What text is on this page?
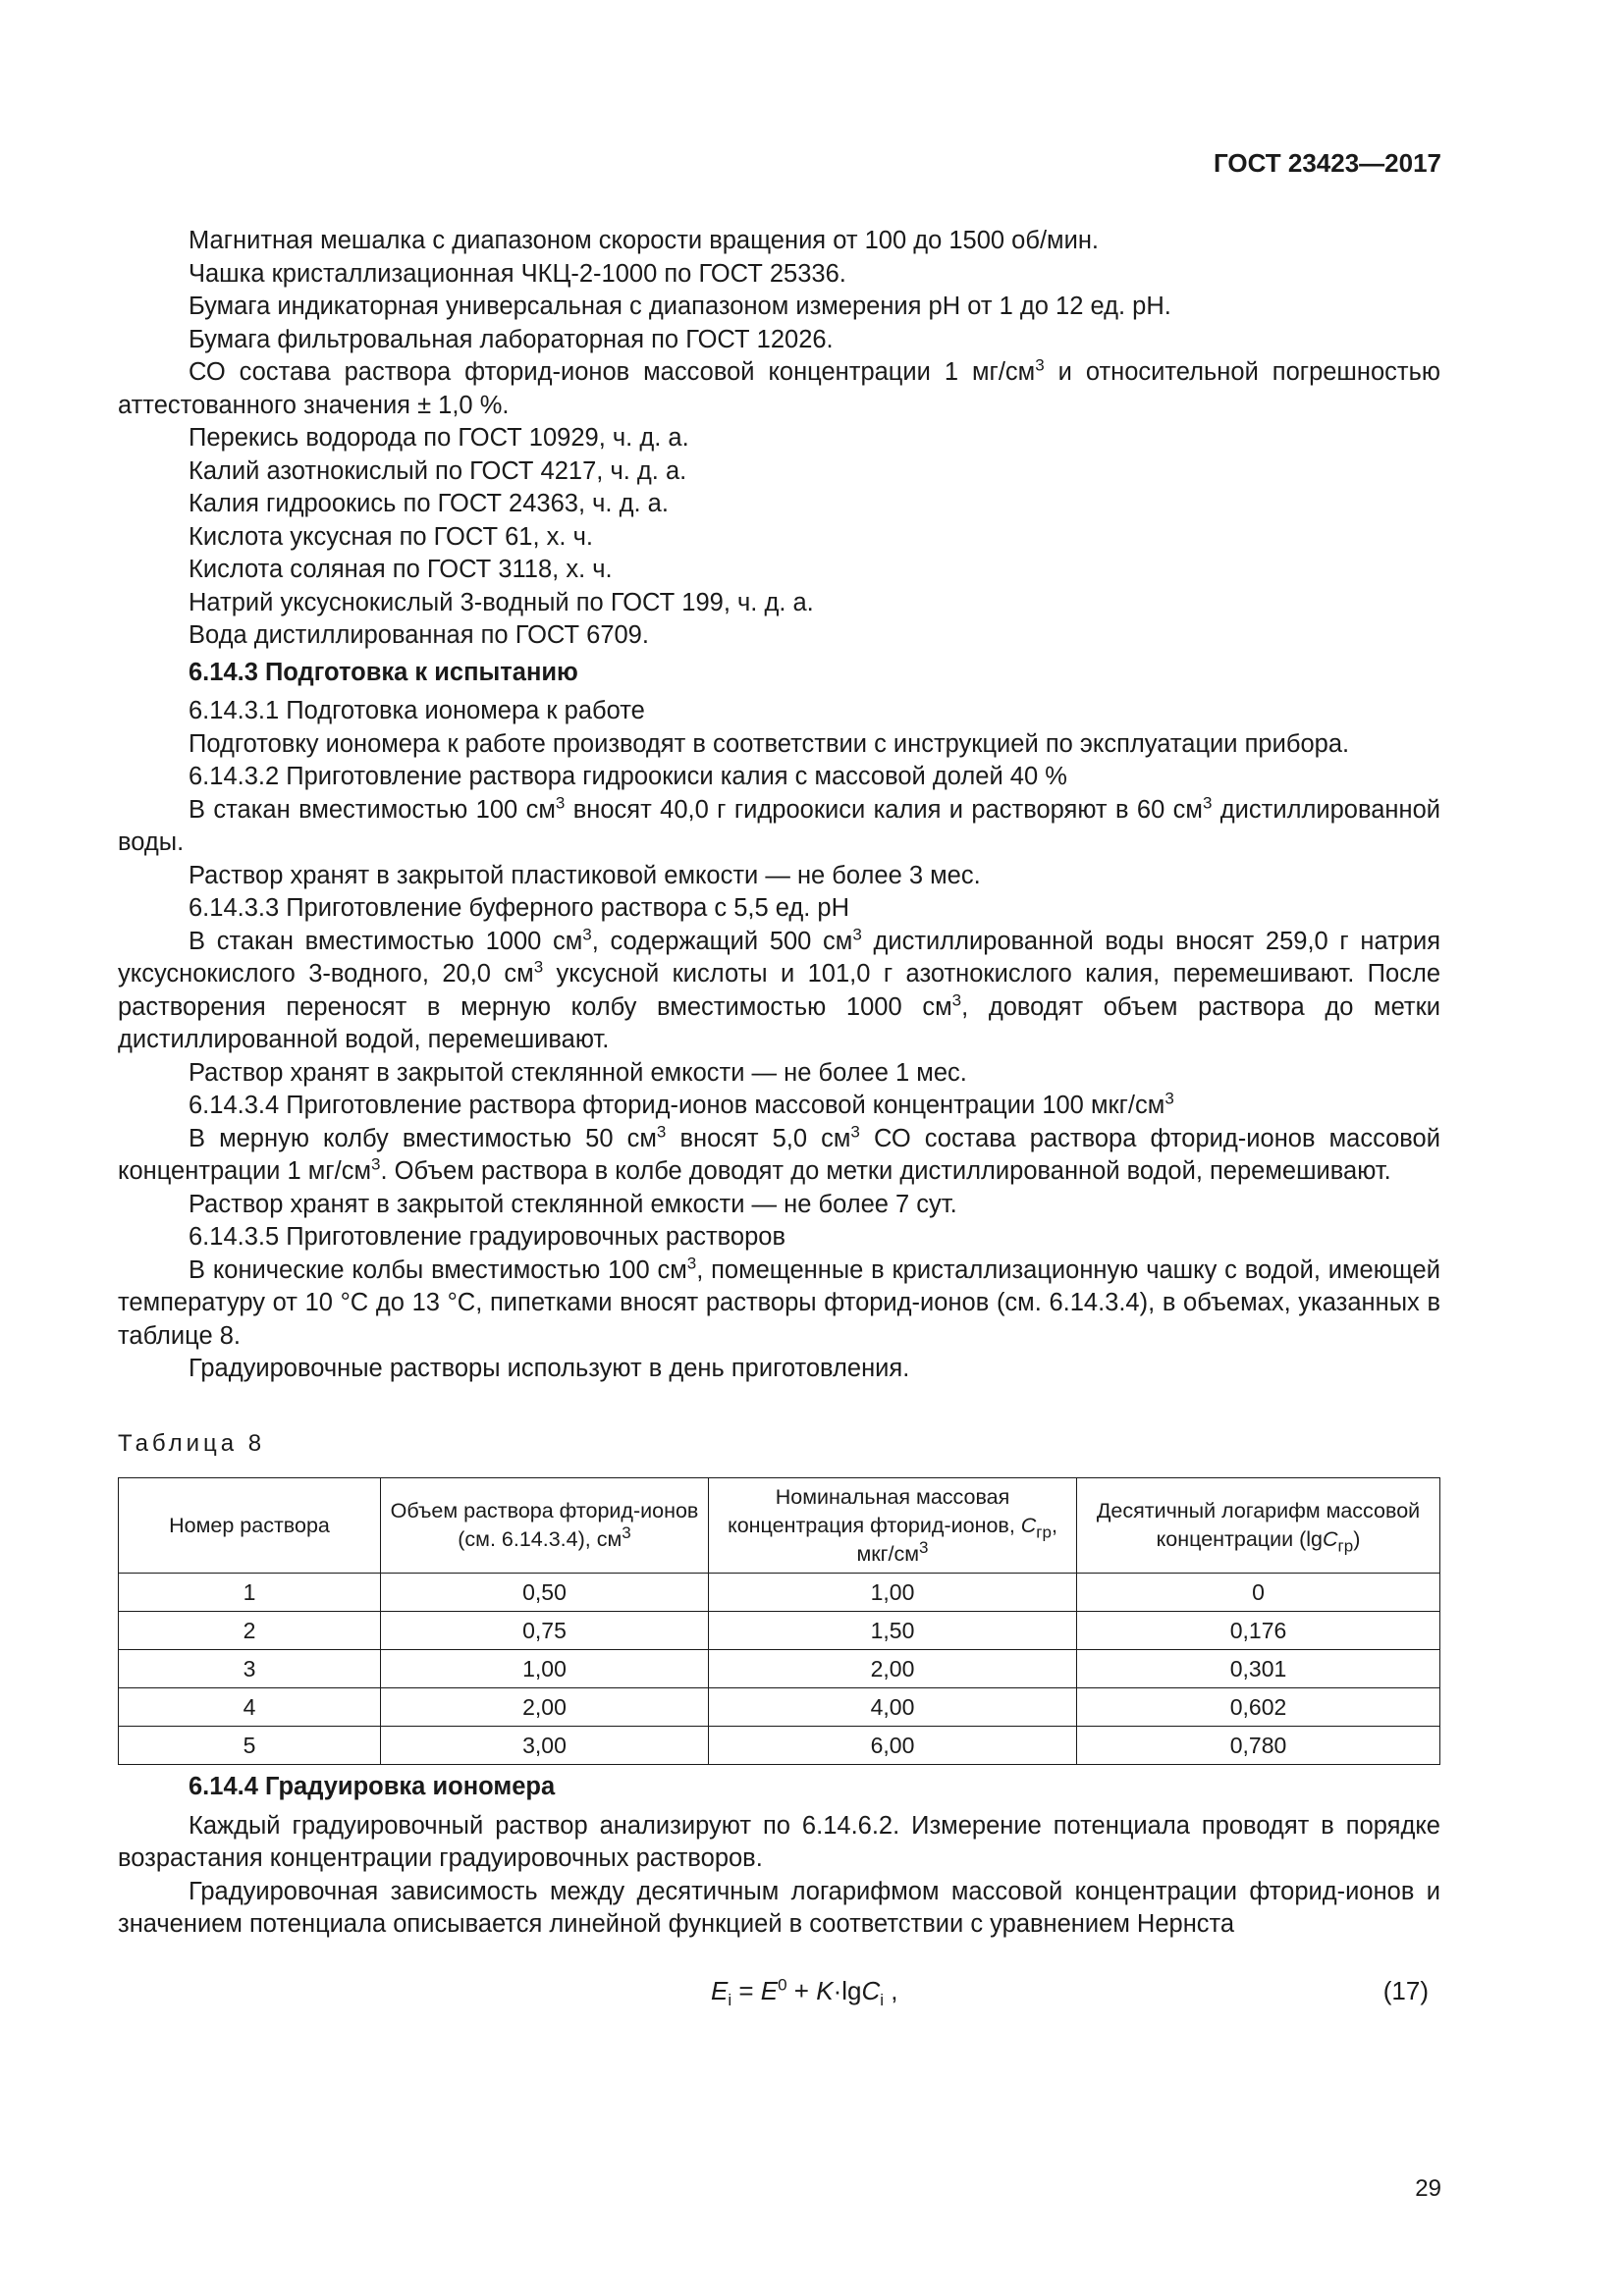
ГОСТ 23423—2017

Магнитная мешалка с диапазоном скорости вращения от 100 до 1500 об/мин.

Чашка кристаллизационная ЧКЦ-2-1000 по ГОСТ 25336.

Бумага индикаторная универсальная с диапазоном измерения рН от 1 до 12 ед. рН.

Бумага фильтровальная лабораторная по ГОСТ 12026.

СО состава раствора фторид-ионов массовой концентрации 1 $мг/см^3$ и относительной погрешностью аттестованного значения ± 1,0 %.

Перекись водорода по ГОСТ 10929, ч. д. а.

Калий азотнокислый по ГОСТ 4217, ч. д. а.

Калия гидроокись по ГОСТ 24363, ч. д. а.

Кислота уксусная по ГОСТ 61, х. ч.

Кислота соляная по ГОСТ 3118, х. ч.

Натрий уксуснокислый 3-водный по ГОСТ 199, ч. д. а.

Вода дистиллированная по ГОСТ 6709.

6.14.3 Подготовка к испытанию

6.14.3.1 Подготовка иономера к работе

Подготовку иономера к работе производят в соответствии с инструкцией по эксплуатации прибора.

6.14.3.2 Приготовление раствора гидроокиси калия с массовой долей 40 %

В стакан вместимостью 100 $см^3$ вносят 40,0 г гидроокиси калия и растворяют в 60 $см^3$ дистиллированной воды.

Раствор хранят в закрытой пластиковой емкости — не более 3 мес.

6.14.3.3 Приготовление буферного раствора с 5,5 ед. рН

В стакан вместимостью 1000 $см^3$, содержащий 500 $см^3$ дистиллированной воды вносят 259,0 г натрия уксуснокислого 3-водного, 20,0 $см^3$ уксусной кислоты и 101,0 г азотнокислого калия, перемешивают. После растворения переносят в мерную колбу вместимостью 1000 $см^3$, доводят объем раствора до метки дистиллированной водой, перемешивают.

Раствор хранят в закрытой стеклянной емкости — не более 1 мес.

6.14.3.4 Приготовление раствора фторид-ионов массовой концентрации 100 мкг/$см^3$

В мерную колбу вместимостью 50 $см^3$ вносят 5,0 $см^3$ СО состава раствора фторид-ионов массовой концентрации 1 $мг/см^3$. Объем раствора в колбе доводят до метки дистиллированной водой, перемешивают.

Раствор хранят в закрытой стеклянной емкости — не более 7 сут.

6.14.3.5 Приготовление градуировочных растворов

В конические колбы вместимостью 100 $см^3$, помещенные в кристаллизационную чашку с водой, имеющей температуру от 10 °С до 13 °С, пипетками вносят растворы фторид-ионов (см. 6.14.3.4), в объемах, указанных в таблице 8.

Градуировочные растворы используют в день приготовления.

Таблица 8

Номер раствора	Объем раствора фторид-ионов (см. 6.14.3.4), $см^3$	Номинальная массовая концентрация фторид-ионов, $С_{гр}$, мкг/$см^3$	Десятичный логарифм массовой концентрации (lgС$_{гр}$)
1	0,50	1,00	0
2	0,75	1,50	0,176
3	1,00	2,00	0,301
4	2,00	4,00	0,602
5	3,00	6,00	0,780

6.14.4 Градуировка иономера

Каждый градуировочный раствор анализируют по 6.14.6.2. Измерение потенциала проводят в порядке возрастания концентрации градуировочных растворов.

Градуировочная зависимость между десятичным логарифмом массовой концентрации фторид-ионов и значением потенциала описывается линейной функцией в соответствии с уравнением Нернста

$E_i = E^0 + K\cdot\lg C_i$ ,	(17)
29
